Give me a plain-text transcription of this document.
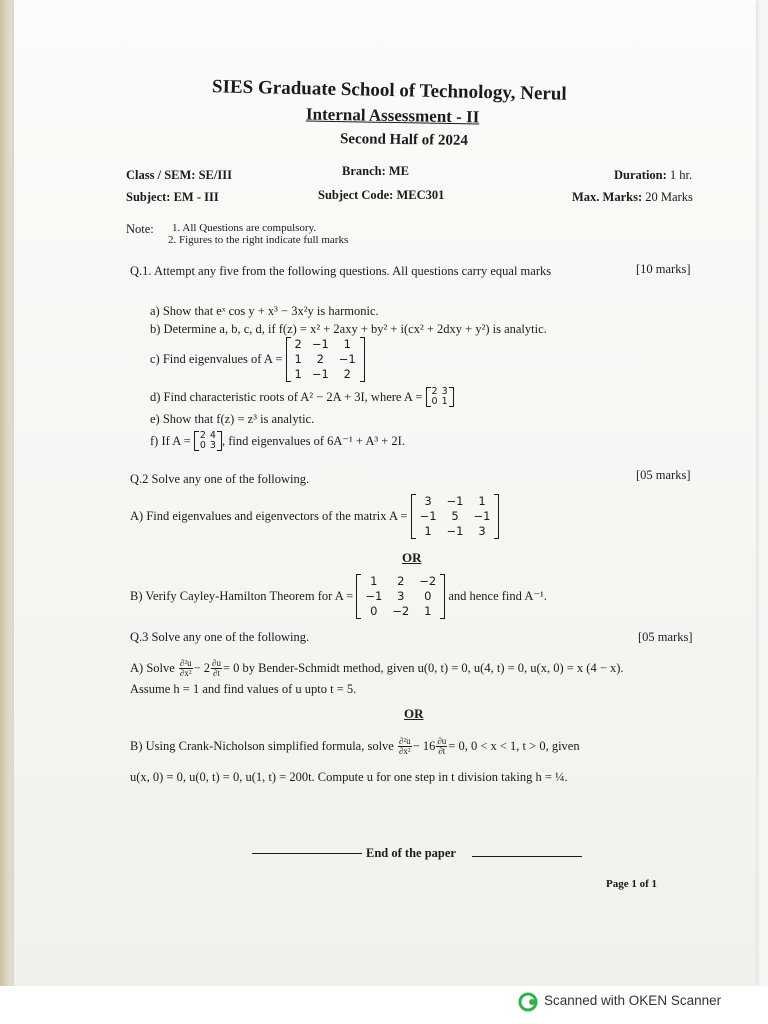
SIES Graduate School of Technology, Nerul
Internal Assessment - II
Second Half of 2024
Class / SEM: SE/III	Branch: ME	Duration: 1 hr.
Subject: EM - III	Subject Code: MEC301	Max. Marks: 20 Marks
Note: 1. All Questions are compulsory.
2. Figures to the right indicate full marks
Q.1. Attempt any five from the following questions. All questions carry equal marks	[10 marks]
a) Show that eˣ cos y + x³ − 3x²y is harmonic.
b) Determine a, b, c, d, if f(z) = x² + 2axy + by² + i(cx² + 2dxy + y²) is analytic.
c) Find eigenvalues of A =

2	−1	1
1	2	−1
1	−1	2
d) Find characteristic roots of A² − 2A + 3I, where A =
2	3
0	1
e) Show that f(z) = z³ is analytic.
f) If A =
2	4
0	3 , find eigenvalues of 6A⁻¹ + A³ + 2I.
Q.2 Solve any one of the following.	[05 marks]
A) Find eigenvalues and eigenvectors of the matrix A =

3	−1	1
−1	5	−1
1	−1	3
OR
B) Verify Cayley-Hamilton Theorem for A =

1	2	−2
−1	3	0
0	−2	1

and hence find A⁻¹.
Q.3 Solve any one of the following.	[05 marks]
A) Solve
$\frac{\text{∂²u}}{\text{∂x²}} - 2 \frac{\partial u}{\partial t} = 0$ by Bender-Schmidt method, given u(0, t) = 0, u(4, t) = 0, u(x, 0) = x (4 − x).
Assume h = 1 and find values of u upto t = 5.
OR
B) Using Crank-Nicholson simplified formula, solve
$\frac{\text{∂²u}}{\text{∂x²}} - 16 \frac{\partial u}{\partial t} = 0$, 0 < x < 1, t > 0, given
u(x, 0) = 0, u(0, t) = 0, u(1, t) = 200t. Compute u for one step in t division taking h = ¼.
End of the paper
Page 1 of 1
Scanned with OKEN Scanner
